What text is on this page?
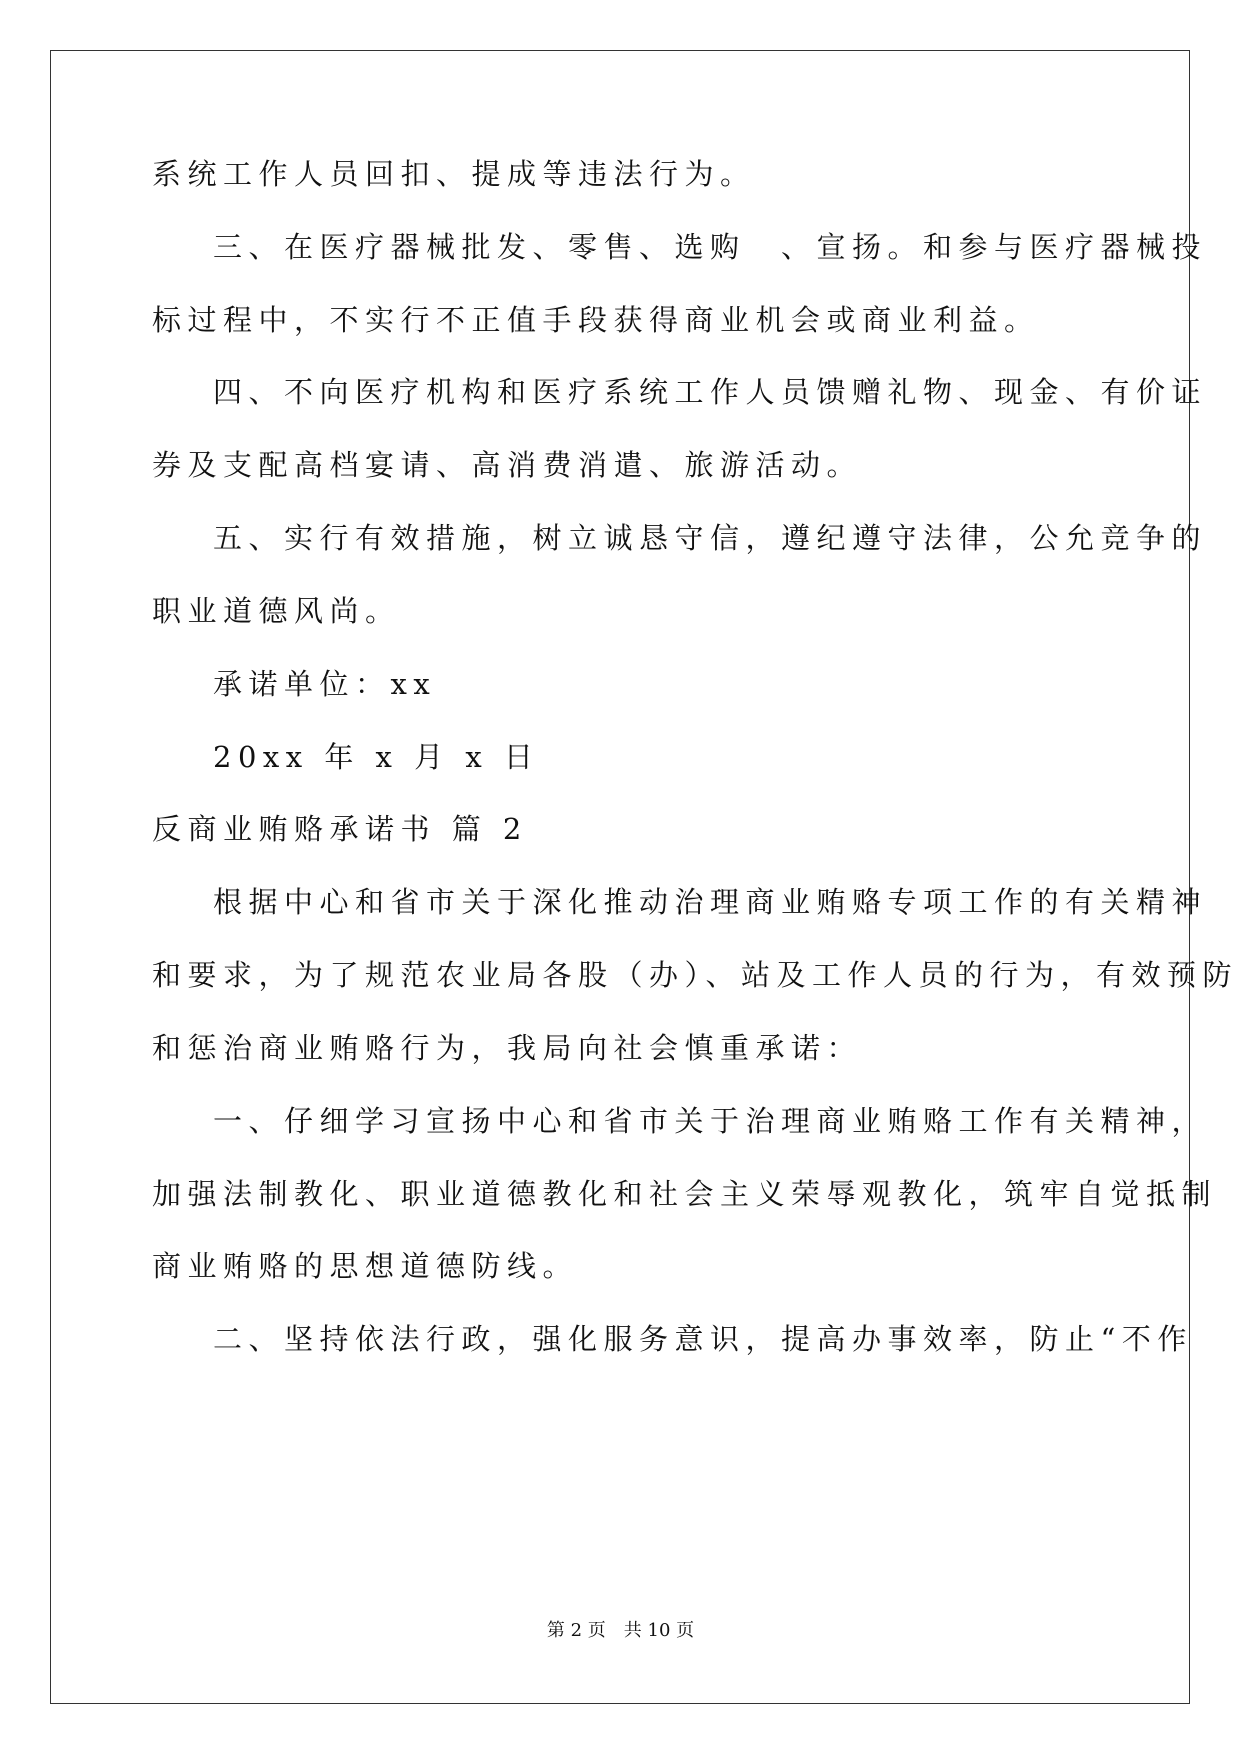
系统工作人员回扣、提成等违法行为。
三、在医疗器械批发、零售、选购　、宣扬。和参与医疗器械投
标过程中，不实行不正值手段获得商业机会或商业利益。
四、不向医疗机构和医疗系统工作人员馈赠礼物、现金、有价证
券及支配高档宴请、高消费消遣、旅游活动。
五、实行有效措施，树立诚恳守信，遵纪遵守法律，公允竞争的
职业道德风尚。
承诺单位：xx
20xx 年 x 月 x 日
反商业贿赂承诺书 篇 2
根据中心和省市关于深化推动治理商业贿赂专项工作的有关精神
和要求，为了规范农业局各股（办）、站及工作人员的行为，有效预防
和惩治商业贿赂行为，我局向社会慎重承诺：
一、仔细学习宣扬中心和省市关于治理商业贿赂工作有关精神，
加强法制教化、职业道德教化和社会主义荣辱观教化，筑牢自觉抵制
商业贿赂的思想道德防线。
二、坚持依法行政，强化服务意识，提高办事效率，防止“不作
第 2 页　共 10 页
